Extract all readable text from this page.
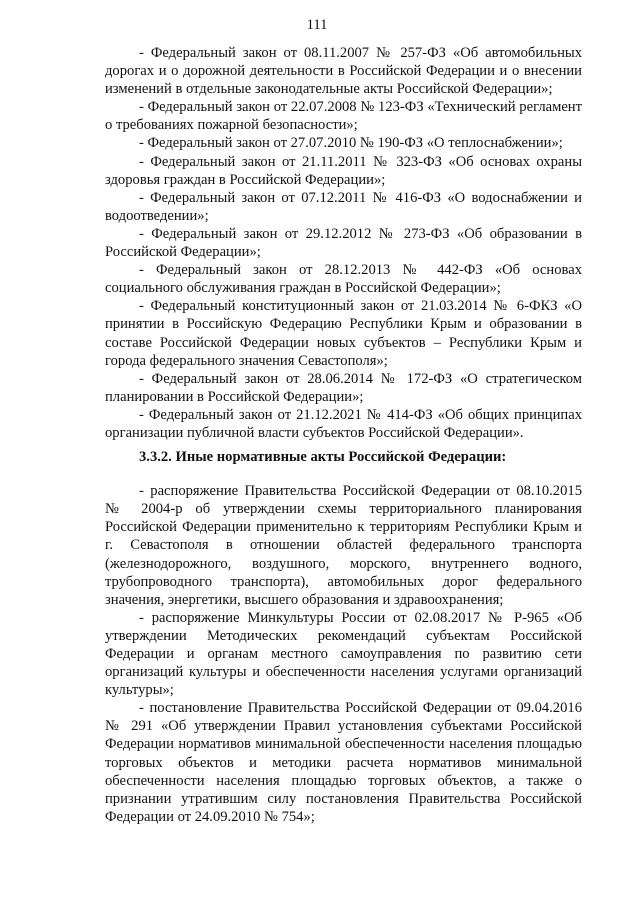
111

- Федеральный закон от 08.11.2007 № 257-ФЗ «Об автомобильных дорогах и о дорожной деятельности в Российской Федерации и о внесении изменений в отдельные законодательные акты Российской Федерации»;

- Федеральный закон от 22.07.2008 № 123-ФЗ «Технический регламент о требованиях пожарной безопасности»;

- Федеральный закон от 27.07.2010 № 190-ФЗ «О теплоснабжении»;

- Федеральный закон от 21.11.2011 № 323-ФЗ «Об основах охраны здоровья граждан в Российской Федерации»;

- Федеральный закон от 07.12.2011 № 416-ФЗ «О водоснабжении и водоотведении»;

- Федеральный закон от 29.12.2012 № 273-ФЗ «Об образовании в Российской Федерации»;

- Федеральный закон от 28.12.2013 № 442-ФЗ «Об основах социального обслуживания граждан в Российской Федерации»;

- Федеральный конституционный закон от 21.03.2014 № 6-ФКЗ «О принятии в Российскую Федерацию Республики Крым и образовании в составе Российской Федерации новых субъектов – Республики Крым и города федерального значения Севастополя»;

- Федеральный закон от 28.06.2014 № 172-ФЗ «О стратегическом планировании в Российской Федерации»;

- Федеральный закон от 21.12.2021 № 414-ФЗ «Об общих принципах организации публичной власти субъектов Российской Федерации».

3.3.2. Иные нормативные акты Российской Федерации:

- распоряжение Правительства Российской Федерации от 08.10.2015 № 2004-р об утверждении схемы территориального планирования Российской Федерации применительно к территориям Республики Крым и г. Севастополя в отношении областей федерального транспорта (железнодорожного, воздушного, морского, внутреннего водного, трубопроводного транспорта), автомобильных дорог федерального значения, энергетики, высшего образования и здравоохранения;

- распоряжение Минкультуры России от 02.08.2017 № Р-965 «Об утверждении Методических рекомендаций субъектам Российской Федерации и органам местного самоуправления по развитию сети организаций культуры и обеспеченности населения услугами организаций культуры»;

- постановление Правительства Российской Федерации от 09.04.2016 № 291 «Об утверждении Правил установления субъектами Российской Федерации нормативов минимальной обеспеченности населения площадью торговых объектов и методики расчета нормативов минимальной обеспеченности населения площадью торговых объектов, а также о признании утратившим силу постановления Правительства Российской Федерации от 24.09.2010 № 754»;
